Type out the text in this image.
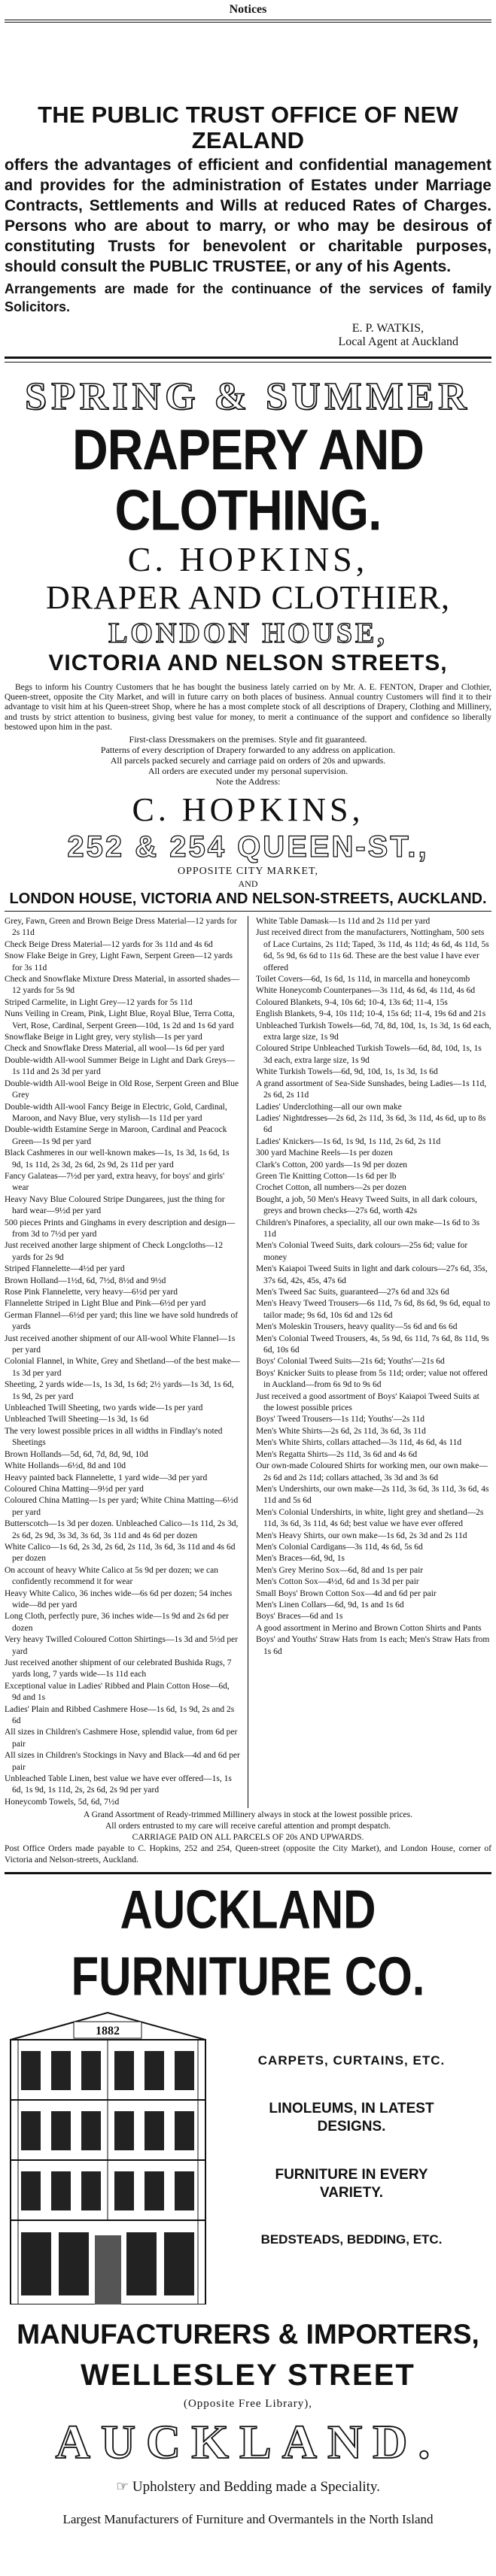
Notices
THE PUBLIC TRUST OFFICE OF NEW ZEALAND
offers the advantages of efficient and confidential management and provides for the administration of Estates under Marriage Contracts, Settlements and Wills at reduced Rates of Charges. Persons who are about to marry, or who may be desirous of constituting Trusts for benevolent or charitable purposes, should consult the PUBLIC TRUSTEE, or any of his Agents.
Arrangements are made for the continuance of the services of family Solicitors.
E. P. WATKIS,
Local Agent at Auckland
SPRING & SUMMER
DRAPERY AND CLOTHING.
C. HOPKINS,
DRAPER AND CLOTHIER,
LONDON HOUSE,
VICTORIA AND NELSON STREETS,

Begs to inform his Country Customers that he has bought the business lately carried on by Mr. A. E. FENTON, Draper and Clothier, Queen-street, opposite the City Market, and will in future carry on both places of business. Annual country Customers will find it to their advantage to visit him at his Queen-street Shop, where he has a most complete stock of all descriptions of Drapery, Clothing and Millinery, and trusts by strict attention to business, giving best value for money, to merit a continuance of the support and confidence so liberally bestowed upon him in the past.

First-class Dressmakers on the premises. Style and fit guaranteed.
Patterns of every description of Drapery forwarded to any address on application.
All parcels packed securely and carriage paid on orders of 20s and upwards.
All orders are executed under my personal supervision.
Note the Address:
C. HOPKINS,
252 & 254 QUEEN-ST.,
OPPOSITE CITY MARKET,
AND
LONDON HOUSE, VICTORIA AND NELSON-STREETS, AUCKLAND.
Grey, Fawn, Green and Brown Beige Dress Material—12 yards for 2s 11d
Check Beige Dress Material—12 yards for 3s 11d and 4s 6d
Snow Flake Beige in Grey, Light Fawn, Serpent Green—12 yards for 3s 11d
Check and Snowflake Mixture Dress Material, in assorted shades—12 yards for 5s 9d
Striped Carmelite, in Light Grey—12 yards for 5s 11d
Nuns Veiling in Cream, Pink, Light Blue, Royal Blue, Terra Cotta, Vert, Rose, Cardinal, Serpent Green—10d, 1s 2d and 1s 6d yard
Snowflake Beige in Light grey, very stylish—1s per yard
Check and Snowflake Dress Material, all wool—1s 6d per yard
Double-width All-wool Summer Beige in Light and Dark Greys—1s 11d and 2s 3d per yard
Double-width All-wool Beige in Old Rose, Serpent Green and Blue Grey
Double-width All-wool Fancy Beige in Electric, Gold, Cardinal, Maroon, and Navy Blue, very stylish—1s 11d per yard
Double-width Estamine Serge in Maroon, Cardinal and Peacock Green—1s 9d per yard
Black Cashmeres in our well-known makes—1s, 1s 3d, 1s 6d, 1s 9d, 1s 11d, 2s 3d, 2s 6d, 2s 9d, 2s 11d per yard
Fancy Galateas—7½d per yard, extra heavy, for boys' and girls' wear
Heavy Navy Blue Coloured Stripe Dungarees, just the thing for hard wear—9½d per yard
500 pieces Prints and Ginghams in every description and design—from 3d to 7½d per yard
Just received another large shipment of Check Longcloths—12 yards for 2s 9d
Striped Flannelette—4½d per yard
Brown Holland—1½d, 6d, 7½d, 8½d and 9½d
Rose Pink Flannelette, very heavy—6½d per yard
Flannelette Striped in Light Blue and Pink—6½d per yard
German Flannel—6½d per yard; this line we have sold hundreds of yards
Just received another shipment of our All-wool White Flannel—1s per yard
Colonial Flannel, in White, Grey and Shetland—of the best make—1s 3d per yard
Sheeting, 2 yards wide—1s, 1s 3d, 1s 6d; 2½ yards—1s 3d, 1s 6d, 1s 9d, 2s per yard
Unbleached Twill Sheeting, two yards wide—1s per yard
Unbleached Twill Sheeting—1s 3d, 1s 6d
The very lowest possible prices in all widths in Findlay's noted Sheetings
Brown Hollands—5d, 6d, 7d, 8d, 9d, 10d
White Hollands—6½d, 8d and 10d
Heavy painted back Flannelette, 1 yard wide—3d per yard
Coloured China Matting—9½d per yard
Coloured China Matting—1s per yard; White China Matting—6½d per yard
Butterscotch—1s 3d per dozen. Unbleached Calico—1s 11d, 2s 3d, 2s 6d, 2s 9d, 3s 3d, 3s 6d, 3s 11d and 4s 6d per dozen
White Calico—1s 6d, 2s 3d, 2s 6d, 2s 11d, 3s 6d, 3s 11d and 4s 6d per dozen
On account of heavy White Calico at 5s 9d per dozen; we can confidently recommend it for wear
Heavy White Calico, 36 inches wide—6s 6d per dozen; 54 inches wide—8d per yard
Long Cloth, perfectly pure, 36 inches wide—1s 9d and 2s 6d per dozen
Very heavy Twilled Coloured Cotton Shirtings—1s 3d and 5½d per yard
Just received another shipment of our celebrated Bushida Rugs, 7 yards long, 7 yards wide—1s 11d each
Exceptional value in Ladies' Ribbed and Plain Cotton Hose—6d, 9d and 1s
Ladies' Plain and Ribbed Cashmere Hose—1s 6d, 1s 9d, 2s and 2s 6d
All sizes in Children's Cashmere Hose, splendid value, from 6d per pair
All sizes in Children's Stockings in Navy and Black—4d and 6d per pair
Unbleached Table Linen, best value we have ever offered—1s, 1s 6d, 1s 9d, 1s 11d, 2s, 2s 6d, 2s 9d per yard
Honeycomb Towels, 5d, 6d, 7½d
White Table Damask—1s 11d and 2s 11d per yard
Just received direct from the manufacturers, Nottingham, 500 sets of Lace Curtains, 2s 11d; Taped, 3s 11d, 4s 11d; 4s 6d, 4s 11d, 5s 6d, 5s 9d, 6s 6d to 11s 6d. These are the best value I have ever offered
Toilet Covers—6d, 1s 6d, 1s 11d, in marcella and honeycomb
White Honeycomb Counterpanes—3s 11d, 4s 6d, 4s 11d, 4s 6d
Coloured Blankets, 9-4, 10s 6d; 10-4, 13s 6d; 11-4, 15s
English Blankets, 9-4, 10s 11d; 10-4, 15s 6d; 11-4, 19s 6d and 21s
Unbleached Turkish Towels—6d, 7d, 8d, 10d, 1s, 1s 3d, 1s 6d each, extra large size, 1s 9d
Coloured Stripe Unbleached Turkish Towels—6d, 8d, 10d, 1s, 1s 3d each, extra large size, 1s 9d
White Turkish Towels—6d, 9d, 10d, 1s, 1s 3d, 1s 6d
A grand assortment of Sea-Side Sunshades, being Ladies—1s 11d, 2s 6d, 2s 11d
Ladies' Underclothing—all our own make
Ladies' Nightdresses—2s 6d, 2s 11d, 3s 6d, 3s 11d, 4s 6d, up to 8s 6d
Ladies' Knickers—1s 6d, 1s 9d, 1s 11d, 2s 6d, 2s 11d
300 yard Machine Reels—1s per dozen
Clark's Cotton, 200 yards—1s 9d per dozen
Green Tie Knitting Cotton—1s 6d per lb
Crochet Cotton, all numbers—2s per dozen
Bought, a job, 50 Men's Heavy Tweed Suits, in all dark colours, greys and brown checks—27s 6d, worth 42s
Children's Pinafores, a speciality, all our own make—1s 6d to 3s 11d
Men's Colonial Tweed Suits, dark colours—25s 6d; value for money
Men's Kaiapoi Tweed Suits in light and dark colours—27s 6d, 35s, 37s 6d, 42s, 45s, 47s 6d
Men's Tweed Sac Suits, guaranteed—27s 6d and 32s 6d
Men's Heavy Tweed Trousers—6s 11d, 7s 6d, 8s 6d, 9s 6d, equal to tailor made; 9s 6d, 10s 6d and 12s 6d
Men's Moleskin Trousers, heavy quality—5s 6d and 6s 6d
Men's Colonial Tweed Trousers, 4s, 5s 9d, 6s 11d, 7s 6d, 8s 11d, 9s 6d, 10s 6d
Boys' Colonial Tweed Suits—21s 6d; Youths'—21s 6d
Boys' Knicker Suits to please from 5s 11d; order; value not offered in Auckland—from 6s 9d to 9s 6d
Just received a good assortment of Boys' Kaiapoi Tweed Suits at the lowest possible prices
Boys' Tweed Trousers—1s 11d; Youths'—2s 11d
Men's White Shirts—2s 6d, 2s 11d, 3s 6d, 3s 11d
Men's White Shirts, collars attached—3s 11d, 4s 6d, 4s 11d
Men's Regatta Shirts—2s 11d, 3s 6d and 4s 6d
Our own-made Coloured Shirts for working men, our own make—2s 6d and 2s 11d; collars attached, 3s 3d and 3s 6d
Men's Undershirts, our own make—2s 11d, 3s 6d, 3s 11d, 3s 6d, 4s 11d and 5s 6d
Men's Colonial Undershirts, in white, light grey and shetland—2s 11d, 3s 6d, 3s 11d, 4s 6d; best value we have ever offered
Men's Heavy Shirts, our own make—1s 6d, 2s 3d and 2s 11d
Men's Colonial Cardigans—3s 11d, 4s 6d, 5s 6d
Men's Braces—6d, 9d, 1s
Men's Grey Merino Sox—6d, 8d and 1s per pair
Men's Cotton Sox—4½d, 6d and 1s 3d per pair
Small Boys' Brown Cotton Sox—4d and 6d per pair
Men's Linen Collars—6d, 9d, 1s and 1s 6d
Boys' Braces—6d and 1s
A good assortment in Merino and Brown Cotton Shirts and Pants
Boys' and Youths' Straw Hats from 1s each; Men's Straw Hats from 1s 6d
A Grand Assortment of Ready-trimmed Millinery always in stock at the lowest possible prices.
All orders entrusted to my care will receive careful attention and prompt despatch.
CARRIAGE PAID ON ALL PARCELS OF 20s AND UPWARDS.
Post Office Orders made payable to C. Hopkins, 252 and 254, Queen-street (opposite the City Market), and London House, corner of Victoria and Nelson-streets, Auckland.
AUCKLAND FURNITURE CO.
1882
CARPETS, CURTAINS, ETC.
LINOLEUMS, IN LATEST
DESIGNS.
FURNITURE IN EVERY
VARIETY.
BEDSTEADS, BEDDING, ETC.
MANUFACTURERS & IMPORTERS,
WELLESLEY STREET
(Opposite Free Library),
AUCKLAND.
☞ Upholstery and Bedding made a Speciality.
Largest Manufacturers of Furniture and Overmantels in the North Island
